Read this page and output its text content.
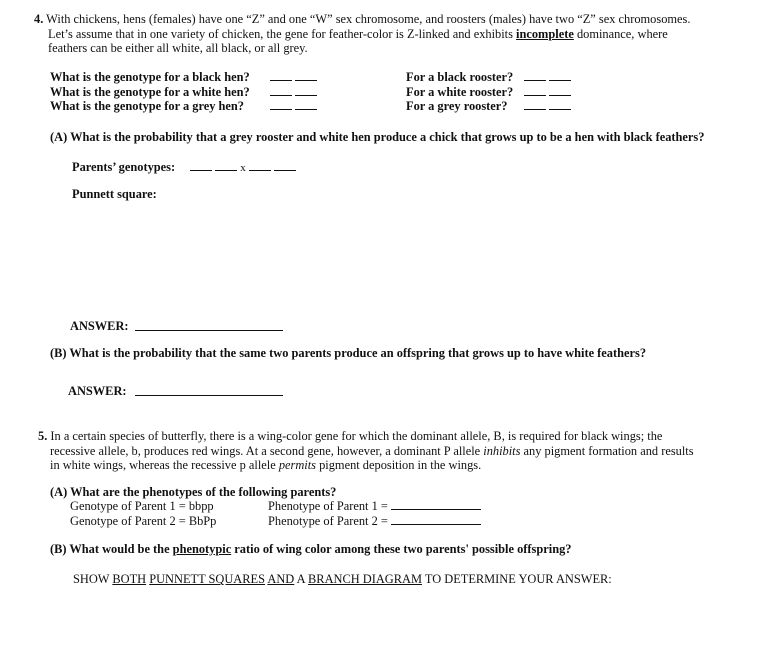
4. With chickens, hens (females) have one “Z” and one “W” sex chromosome, and roosters (males) have two “Z” sex chromosomes.
Let’s assume that in one variety of chicken, the gene for feather-color is Z-linked and exhibits incomplete dominance, where
feathers can be either all white, all black, or all grey.
What is the genotype for a black hen?
What is the genotype for a white hen?
What is the genotype for a grey hen?

For a black rooster?
For a white rooster?
For a grey rooster?

(A) What is the probability that a grey rooster and white hen produce a chick that grows up to be a hen with black feathers?
Parents’ genotypes:	x
Punnett square:
ANSWER:
(B) What is the probability that the same two parents produce an offspring that grows up to have white feathers?
ANSWER:
5. In a certain species of butterfly, there is a wing-color gene for which the dominant allele, B, is required for black wings; the
recessive allele, b, produces red wings. At a second gene, however, a dominant P allele inhibits any pigment formation and results
in white wings, whereas the recessive p allele permits pigment deposition in the wings.
(A) What are the phenotypes of the following parents?
Genotype of Parent 1 = bbpp
Genotype of Parent 2 = BbPp
Phenotype of Parent 1 =
Phenotype of Parent 2 =
(B) What would be the phenotypic ratio of wing color among these two parents' possible offspring?
SHOW BOTH PUNNETT SQUARES AND A BRANCH DIAGRAM TO DETERMINE YOUR ANSWER:
